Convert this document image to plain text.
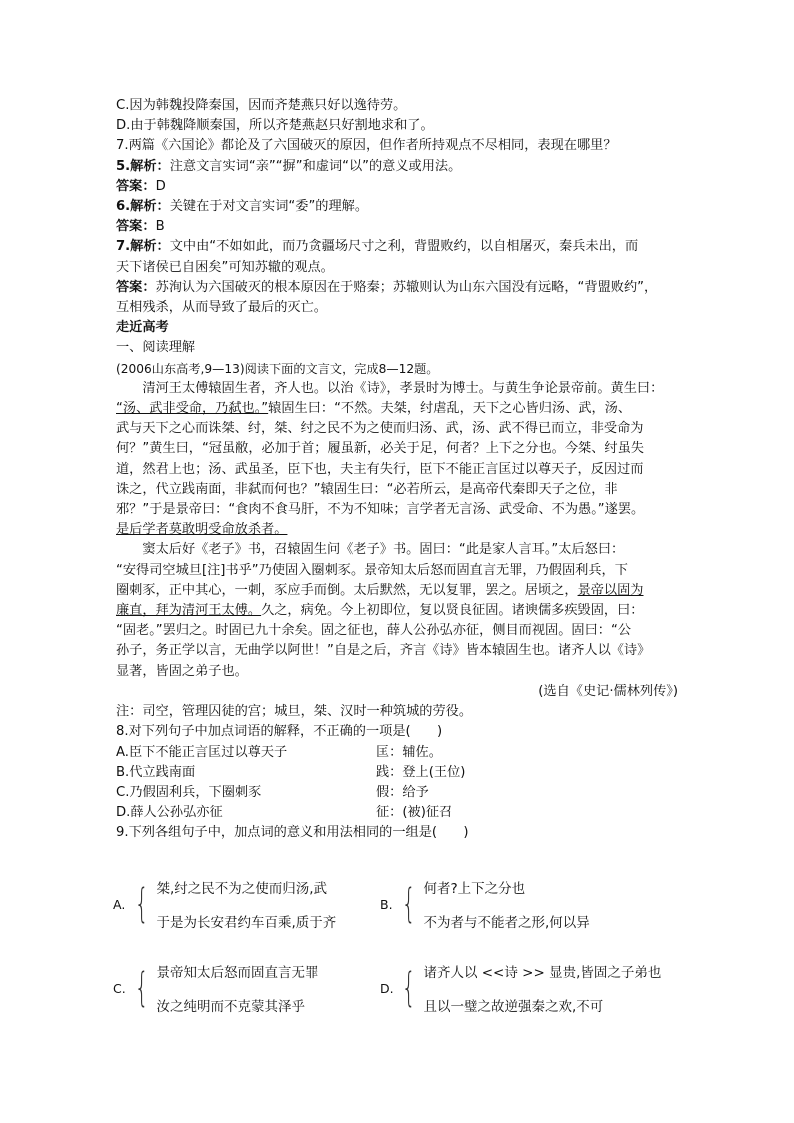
C.因为韩魏投降秦国，因而齐楚燕只好以逸待劳。
D.由于韩魏降顺秦国，所以齐楚燕赵只好割地求和了。
7.两篇《六国论》都论及了六国破灭的原因，但作者所持观点不尽相同，表现在哪里？
5.解析：注意文言实词“亲”“摒”和虚词“以”的意义或用法。
答案：D
6.解析：关键在于对文言实词“委”的理解。
答案：B
7.解析：文中由“不如如此，而乃贪疆场尺寸之利，背盟败约，以自相屠灭，秦兵未出，而
天下诸侯已自困矣”可知苏辙的观点。
答案：苏洵认为六国破灭的根本原因在于赂秦；苏辙则认为山东六国没有远略，“背盟败约”，
互相残杀，从而导致了最后的灭亡。
走近高考
一、阅读理解
(2006山东高考,9—13)阅读下面的文言文，完成8—12题。
清河王太傅辕固生者，齐人也。以治《诗》，孝景时为博士。与黄生争论景帝前。黄生曰：
“汤、武非受命，乃弑也。”辕固生曰：“不然。夫桀，纣虐乱，天下之心皆归汤、武，汤、
武与天下之心而诛桀、纣，桀、纣之民不为之使而归汤、武，汤、武不得已而立，非受命为
何？”黄生曰，“冠虽敝，必加于首；履虽新，必关于足，何者？上下之分也。今桀、纣虽失
道，然君上也；汤、武虽圣，臣下也，夫主有失行，臣下不能正言匡过以尊天子，反因过而
诛之，代立践南面，非弑而何也？”辕固生曰：“必若所云，是高帝代秦即天子之位，非
邪？”于是景帝曰：“食肉不食马肝，不为不知味；言学者无言汤、武受命、不为愚。”遂罢。
是后学者莫敢明受命放杀者。
窦太后好《老子》书，召辕固生问《老子》书。固曰：“此是家人言耳。”太后怒曰：
“安得司空城旦[注]书乎”乃使固入圈刺豕。景帝知太后怒而固直言无罪，乃假固利兵，下
圈刺豕，正中其心，一刺，豕应手而倒。太后默然，无以复罪，罢之。居顷之，景帝以固为
廉直，拜为清河王太傅。久之，病免。今上初即位，复以贤良征固。诸谀儒多疾毁固，曰：
“固老。”罢归之。时固已九十余矣。固之征也，薛人公孙弘亦征，侧目而视固。固曰：“公
孙子，务正学以言，无曲学以阿世！”自是之后，齐言《诗》皆本辕固生也。诸齐人以《诗》
显著，皆固之弟子也。
(选自《史记·儒林列传》)
注：司空，管理囚徒的宫；城旦，桀、汉时一种筑城的劳役。
8.对下列句子中加点词语的解释，不正确的一项是(　　)
A.臣下不能正言匡过以尊天子	匡：辅佐。
B.代立践南面	践：登上(王位)
C.乃假固利兵，下圈刺豕	假：给予
D.薛人公孙弘亦征	征：(被)征召
9.下列各组句子中，加点词的意义和用法相同的一组是(　　)
A. { 桀,纣之民不为之使而归汤,武
于是为长安君约车百乘,质于齐
B. { 何者?上下之分也
不为者与不能者之形,何以异
C. { 景帝知太后怒而固直言无罪
汝之纯明而不克蒙其泽乎
D. { 诸齐人以 <<诗 >> 显贵,皆固之子弟也
且以一璧之故逆强秦之欢,不可
